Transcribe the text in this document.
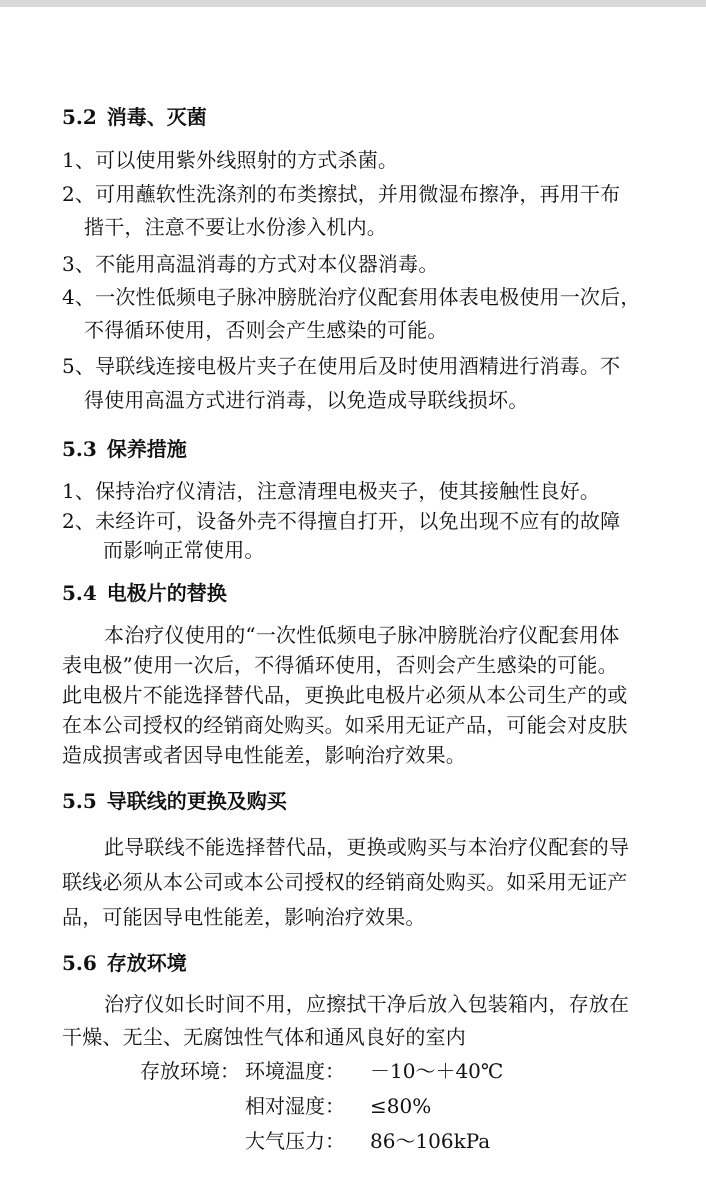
5.2 消毒、灭菌
1、可以使用紫外线照射的方式杀菌。
2、可用蘸软性洗涤剂的布类擦拭，并用微湿布擦净，再用干布
揩干，注意不要让水份渗入机内。
3、不能用高温消毒的方式对本仪器消毒。
4、一次性低频电子脉冲膀胱治疗仪配套用体表电极使用一次后，
不得循环使用，否则会产生感染的可能。
5、导联线连接电极片夹子在使用后及时使用酒精进行消毒。不
得使用高温方式进行消毒，以免造成导联线损坏。
5.3 保养措施
1、保持治疗仪清洁，注意清理电极夹子，使其接触性良好。
2、未经许可，设备外壳不得擅自打开，以免出现不应有的故障
而影响正常使用。
5.4 电极片的替换
本治疗仪使用的“一次性低频电子脉冲膀胱治疗仪配套用体
表电极”使用一次后，不得循环使用，否则会产生感染的可能。
此电极片不能选择替代品，更换此电极片必须从本公司生产的或
在本公司授权的经销商处购买。如采用无证产品，可能会对皮肤
造成损害或者因导电性能差，影响治疗效果。
5.5 导联线的更换及购买
此导联线不能选择替代品，更换或购买与本治疗仪配套的导
联线必须从本公司或本公司授权的经销商处购买。如采用无证产
品，可能因导电性能差，影响治疗效果。
5.6 存放环境
治疗仪如长时间不用，应擦拭干净后放入包装箱内，存放在
干燥、无尘、无腐蚀性气体和通风良好的室内
存放环境： 环境温度： －10～＋40℃
相对湿度： ≤80%
大气压力： 86～106kPa
